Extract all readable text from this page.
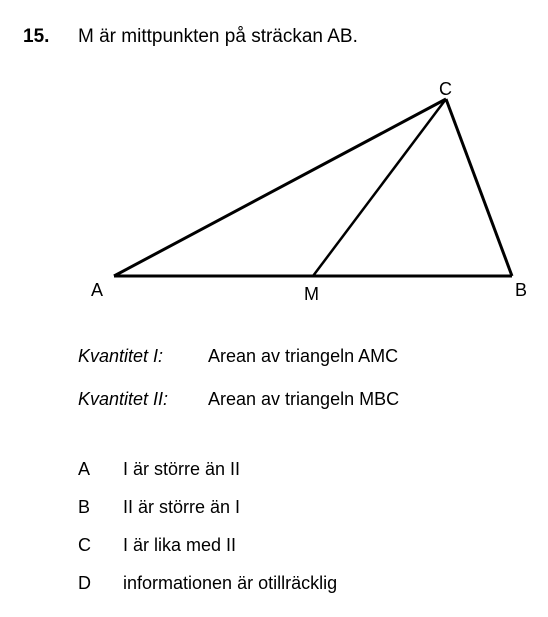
15. M är mittpunkten på sträckan AB.
C
A	M	B
Kvantitet I: Arean av triangeln AMC
Kvantitet II: Arean av triangeln MBC
A I är större än II
B II är större än I
C I är lika med II
D informationen är otillräcklig
